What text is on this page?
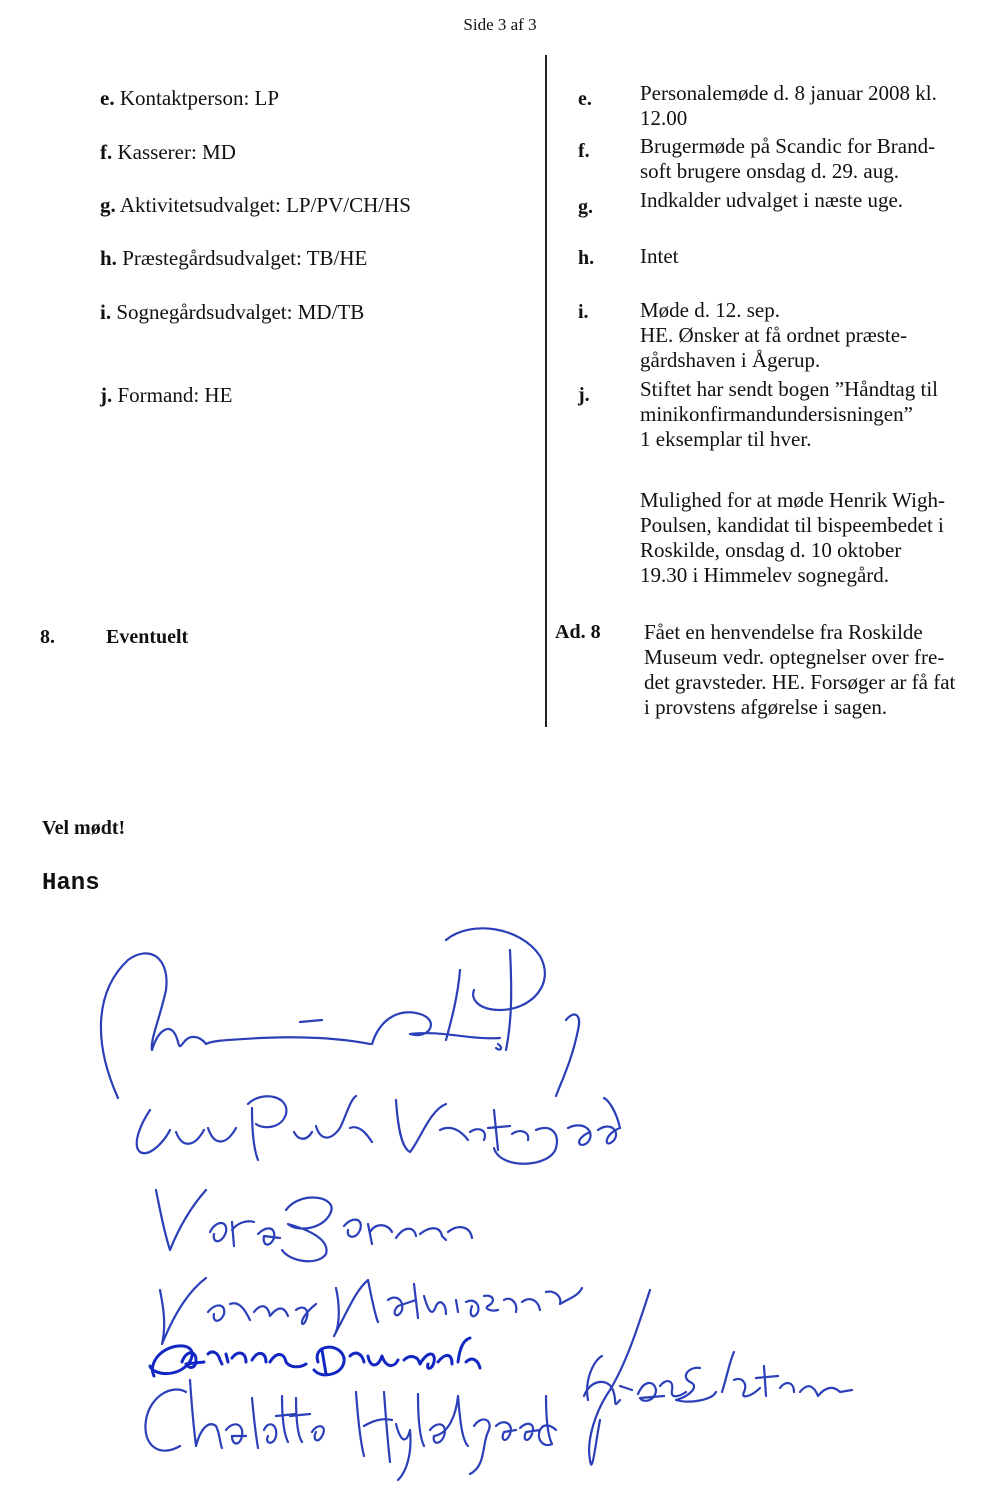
Side 3 af 3
e. Kontaktperson: LP
f. Kasserer: MD
g. Aktivitetsudvalget: LP/PV/CH/HS
h. Præstegårdsudvalget: TB/HE
i. Sognegårdsudvalget: MD/TB
j. Formand: HE
e. Personalemøde d. 8 januar 2008 kl.
12.00
f. Brugermøde på Scandic for Brand-
soft brugere onsdag d. 29. aug.
g. Indkalder udvalget i næste uge.
h. Intet
i. Møde d. 12. sep.
HE. Ønsker at få ordnet præste-
gårdshaven i Ågerup.
j. Stiftet har sendt bogen ”Håndtag til
minikonfirmandundersisningen”
1 eksemplar til hver.
Mulighed for at møde Henrik Wigh-
Poulsen, kandidat til bispeembedet i
Roskilde, onsdag d. 10 oktober
19.30 i Himmelev sognegård.
8.	Eventuelt	Ad. 8 Fået en henvendelse fra Roskilde
Museum vedr. optegnelser over fre-
det gravsteder. HE. Forsøger ar få fat
i provstens afgørelse i sagen.
Vel mødt!
Hans
